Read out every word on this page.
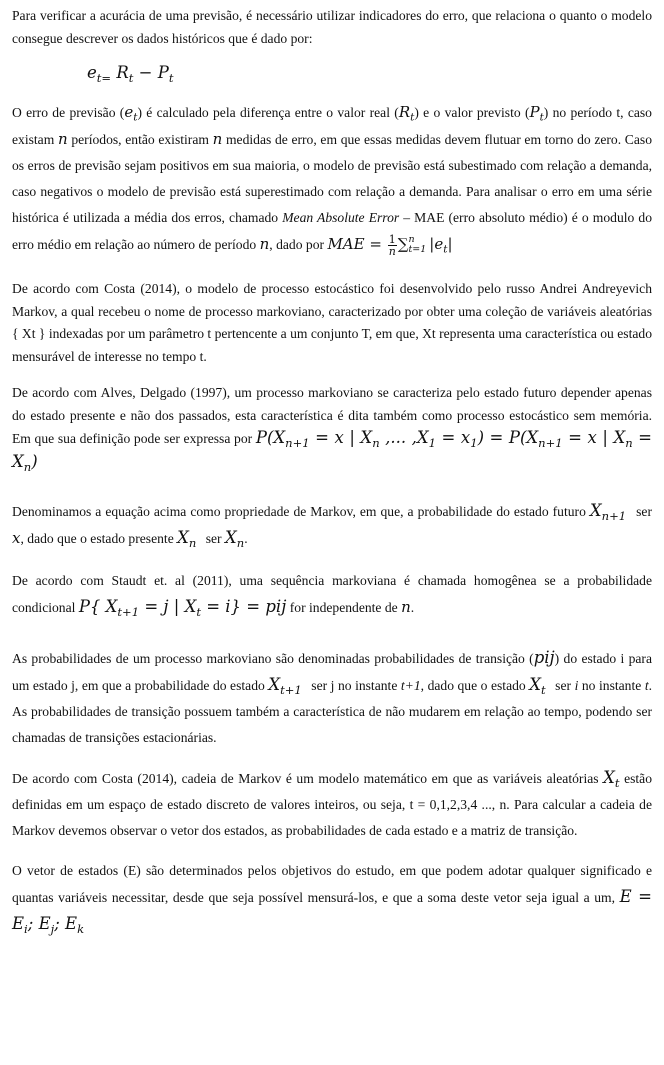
Para verificar a acurácia de uma previsão, é necessário utilizar indicadores do erro, que relaciona o quanto o modelo consegue descrever os dados históricos que é dado por:

$e_{t=}$ $R_t - P_t$

O erro de previsão $(e_t)$ é calculado pela diferença entre o valor real $(R_t)$ e o valor previsto $(P_t)$ no período t, caso existam n períodos, então existiram n medidas de erro, em que essas medidas devem flutuar em torno do zero. Caso os erros de previsão sejam positivos em sua maioria, o modelo de previsão está subestimado com relação a demanda, caso negativos o modelo de previsão está superestimado com relação a demanda. Para analisar o erro em uma série histórica é utilizada a média dos erros, chamado Mean Absolute Error – MAE (erro absoluto médio) é o modulo do erro médio em relação ao número de período n, dado por MAE = $\frac{1}{n}$ ∑ n
t=1 $|e_t|$

De acordo com Costa (2014), o modelo de processo estocástico foi desenvolvido pelo russo Andrei Andreyevich Markov, a qual recebeu o nome de processo markoviano, caracterizado por obter uma coleção de variáveis aleatórias { Xt } indexadas por um parâmetro t pertencente a um conjunto T, em que, Xt representa uma característica ou estado mensurável de interesse no tempo t.

De acordo com Alves, Delgado (1997), um processo markoviano se caracteriza pelo estado futuro depender apenas do estado presente e não dos passados, esta característica é dita também como processo estocástico sem memória. Em que sua definição pode ser expressa por $P(X_{n+1} = x$ | $X_n$ ,... $,X_1 = x_1) = P(X_{n+1} = x$ | $X_n = X_n$)

Denominamos a equação acima como propriedade de Markov, em que, a probabilidade do estado futuro $X_{n+1}$ ser x, dado que o estado presente $X_n$ ser $X_n$.

De acordo com Staudt et. al (2011), uma sequência markoviana é chamada homogênea se a probabilidade condicional P{ $X_{t+1} = j$ | $X_t = i$} = pij for independente de n.

As probabilidades de um processo markoviano são denominadas probabilidades de transição (pij) do estado i para um estado j, em que a probabilidade do estado $X_{t+1}$ ser j no instante t+1, dado que o estado $X_t$ ser i no instante t. As probabilidades de transição possuem também a característica de não mudarem em relação ao tempo, podendo ser chamadas de transições estacionárias.

De acordo com Costa (2014), cadeia de Markov é um modelo matemático em que as variáveis aleatórias $X_t$ estão definidas em um espaço de estado discreto de valores inteiros, ou seja, t = 0,1,2,3,4 ..., n. Para calcular a cadeia de Markov devemos observar o vetor dos estados, as probabilidades de cada estado e a matriz de transição.

O vetor de estados (E) são determinados pelos objetivos do estudo, em que podem adotar qualquer significado e quantas variáveis necessitar, desde que seja possível mensurá-los, e que a soma deste vetor seja igual a um, $E = E_i$; $E_j$; $E_k$
